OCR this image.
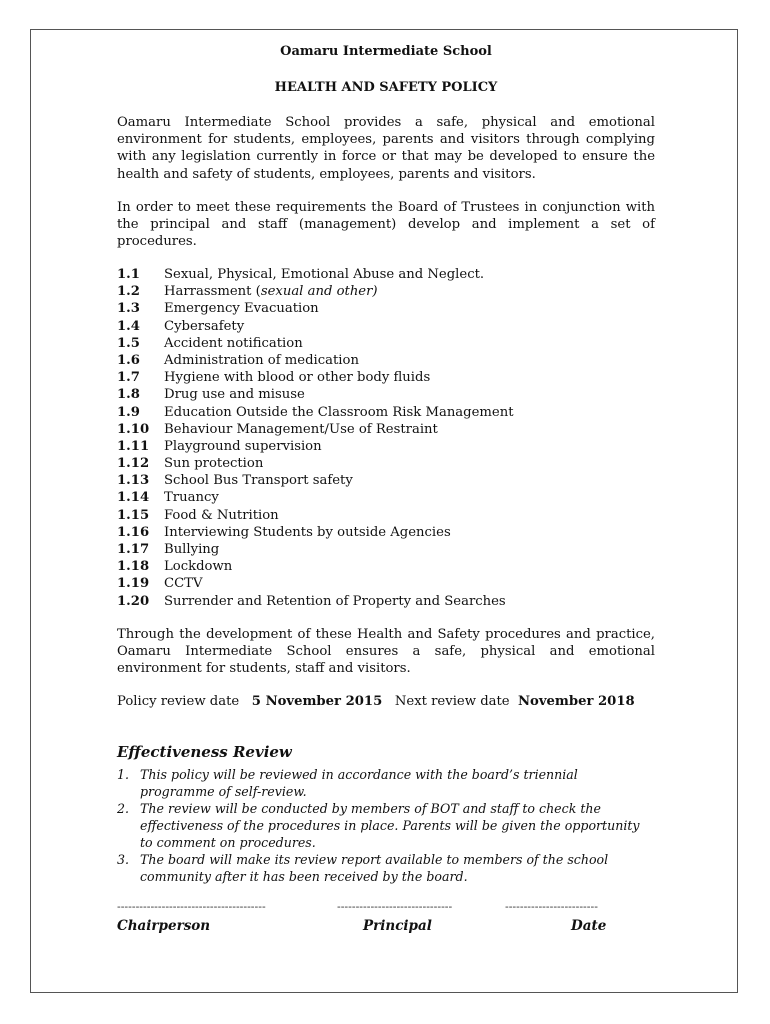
Oamaru Intermediate School
HEALTH AND SAFETY POLICY
Oamaru Intermediate School provides a safe, physical and emotional environment for students, employees, parents and visitors through complying with any legislation currently in force or that may be developed to ensure the health and safety of students, employees, parents and visitors.
In order to meet these requirements the Board of Trustees in conjunction with the principal and staff (management) develop and implement a set of procedures.
1.1 Sexual, Physical, Emotional Abuse and Neglect.
1.2 Harrassment (sexual and other)
1.3 Emergency Evacuation
1.4 Cybersafety
1.5 Accident notification
1.6 Administration of medication
1.7 Hygiene with blood or other body fluids
1.8 Drug use and misuse
1.9 Education Outside the Classroom Risk Management
1.10 Behaviour Management/Use of Restraint
1.11 Playground supervision
1.12 Sun protection
1.13 School Bus Transport safety
1.14 Truancy
1.15 Food & Nutrition
1.16 Interviewing Students by outside Agencies
1.17 Bullying
1.18 Lockdown
1.19 CCTV
1.20 Surrender and Retention of Property and Searches
Through the development of these Health and Safety procedures and practice, Oamaru Intermediate School ensures a safe, physical and emotional environment for students, staff and visitors.
Policy review date 5 November 2015 Next review date November 2018
Effectiveness Review
1. This policy will be reviewed in accordance with the board’s triennial programme of self-review.
2. The review will be conducted by members of BOT and staff to check the effectiveness of the procedures in place. Parents will be given the opportunity to comment on procedures.
3. The board will make its review report available to members of the school community after it has been received by the board.
----------------------------------------	-------------------------------	-------------------------
Chairperson	Principal	Date
